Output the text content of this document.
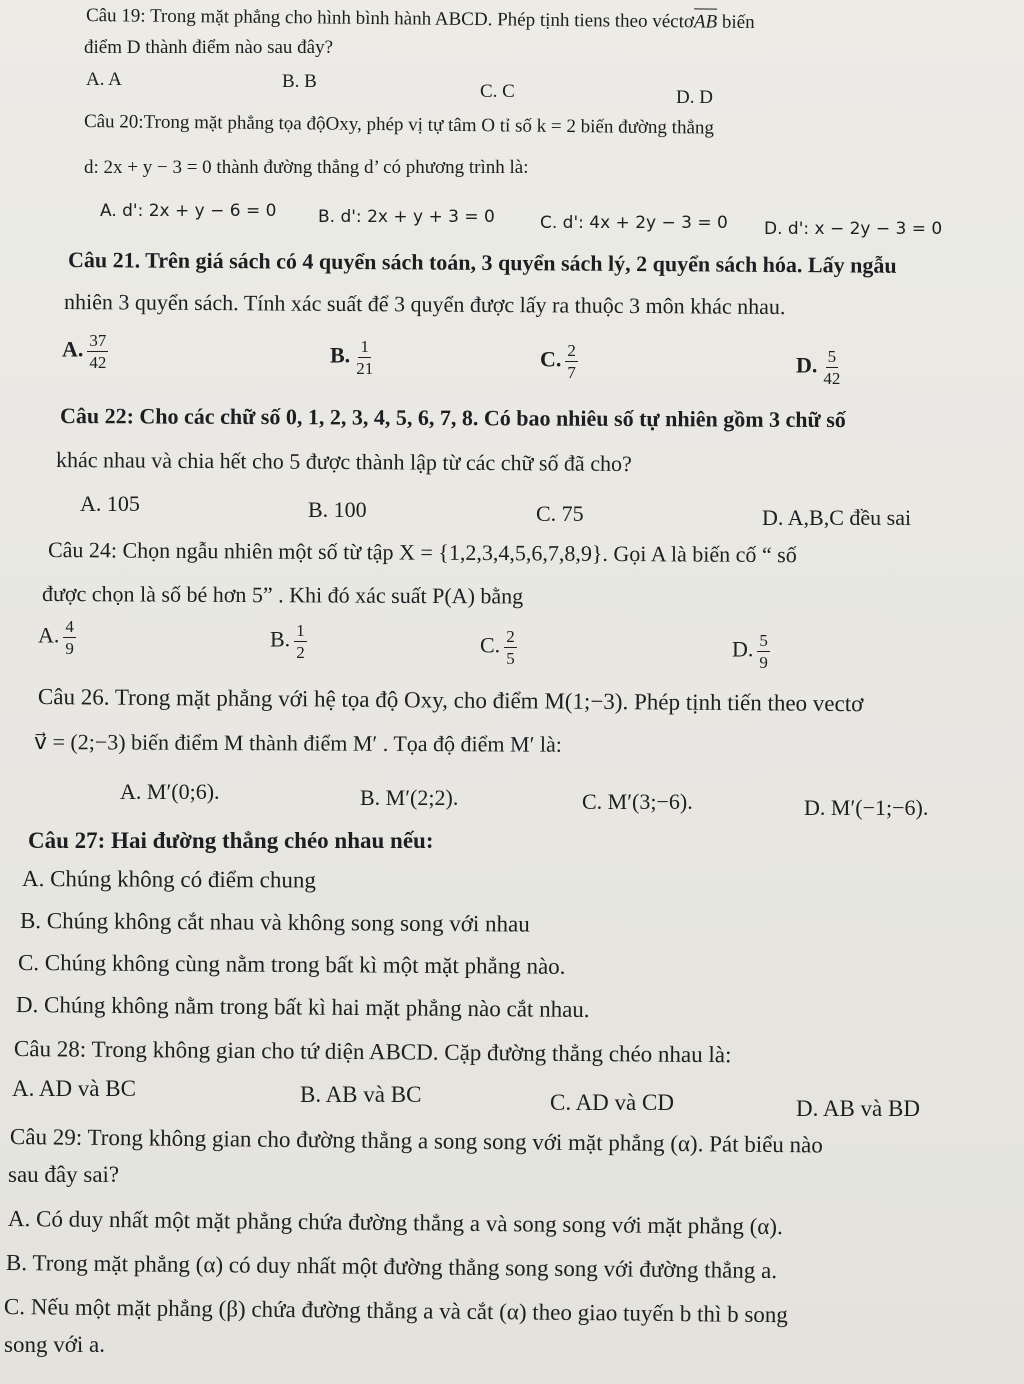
Câu 19: Trong mặt phẳng cho hình bình hành ABCD. Phép tịnh tiens theo véctơ
AB biến
điểm D thành điểm nào sau đây?
A. A	B. B	C. C	D. D
Câu 20:Trong mặt phẳng tọa độOxy, phép vị tự tâm O tỉ số k = 2 biến đường thẳng
d: 2x + y − 3 = 0 thành đường thẳng d’ có phương trình là:
A. d': 2x + y − 6 = 0 B. d': 2x + y + 3 = 0	C. d': 4x + 2y − 3 = 0 D. d': x − 2y − 3 = 0
Câu 21. Trên giá sách có 4 quyển sách toán, 3 quyển sách lý, 2 quyển sách hóa. Lấy ngẫu
nhiên 3 quyển sách. Tính xác suất để 3 quyển được lấy ra thuộc 3 môn khác nhau.
A. $\frac{37}{42}$	B. $\frac{1}{21}$	C. $\frac{2}{7}$	D. $\frac{5}{42}$
Câu 22: Cho các chữ số 0, 1, 2, 3, 4, 5, 6, 7, 8. Có bao nhiêu số tự nhiên gồm 3 chữ số
khác nhau và chia hết cho 5 được thành lập từ các chữ số đã cho?
A. 105	B. 100	C. 75	D. A,B,C đều sai
Câu 24: Chọn ngẫu nhiên một số từ tập X = {1,2,3,4,5,6,7,8,9}. Gọi A là biến cố “ số
được chọn là số bé hơn 5” . Khi đó xác suất P(A) bằng
A. $\frac{4}{9}$	B. $\frac{1}{2}$	C. $\frac{2}{5}$	D. $\frac{5}{9}$
Câu 26. Trong mặt phẳng với hệ tọa độ Oxy, cho điểm M(1;−3). Phép tịnh tiến theo vectơ
v⃗ = (2;−3) biến điểm M thành điểm M′ . Tọa độ điểm M′ là:
A. M′(0;6).	B. M′(2;2).	C. M′(3;−6).	D. M′(−1;−6).
Câu 27: Hai đường thẳng chéo nhau nếu:
A. Chúng không có điểm chung
B. Chúng không cắt nhau và không song song với nhau
C. Chúng không cùng nằm trong bất kì một mặt phẳng nào.
D. Chúng không nằm trong bất kì hai mặt phẳng nào cắt nhau.
Câu 28: Trong không gian cho tứ diện ABCD. Cặp đường thẳng chéo nhau là:
A. AD và BC	B. AB và BC	C. AD và CD	D. AB và BD
Câu 29: Trong không gian cho đường thẳng a song song với mặt phẳng (α). Pát biểu nào
sau đây sai?
A. Có duy nhất một mặt phẳng chứa đường thẳng a và song song với mặt phẳng (α).
B. Trong mặt phẳng (α) có duy nhất một đường thẳng song song với đường thẳng a.
C. Nếu một mặt phẳng (β) chứa đường thẳng a và cắt (α) theo giao tuyến b thì b song
song với a.
